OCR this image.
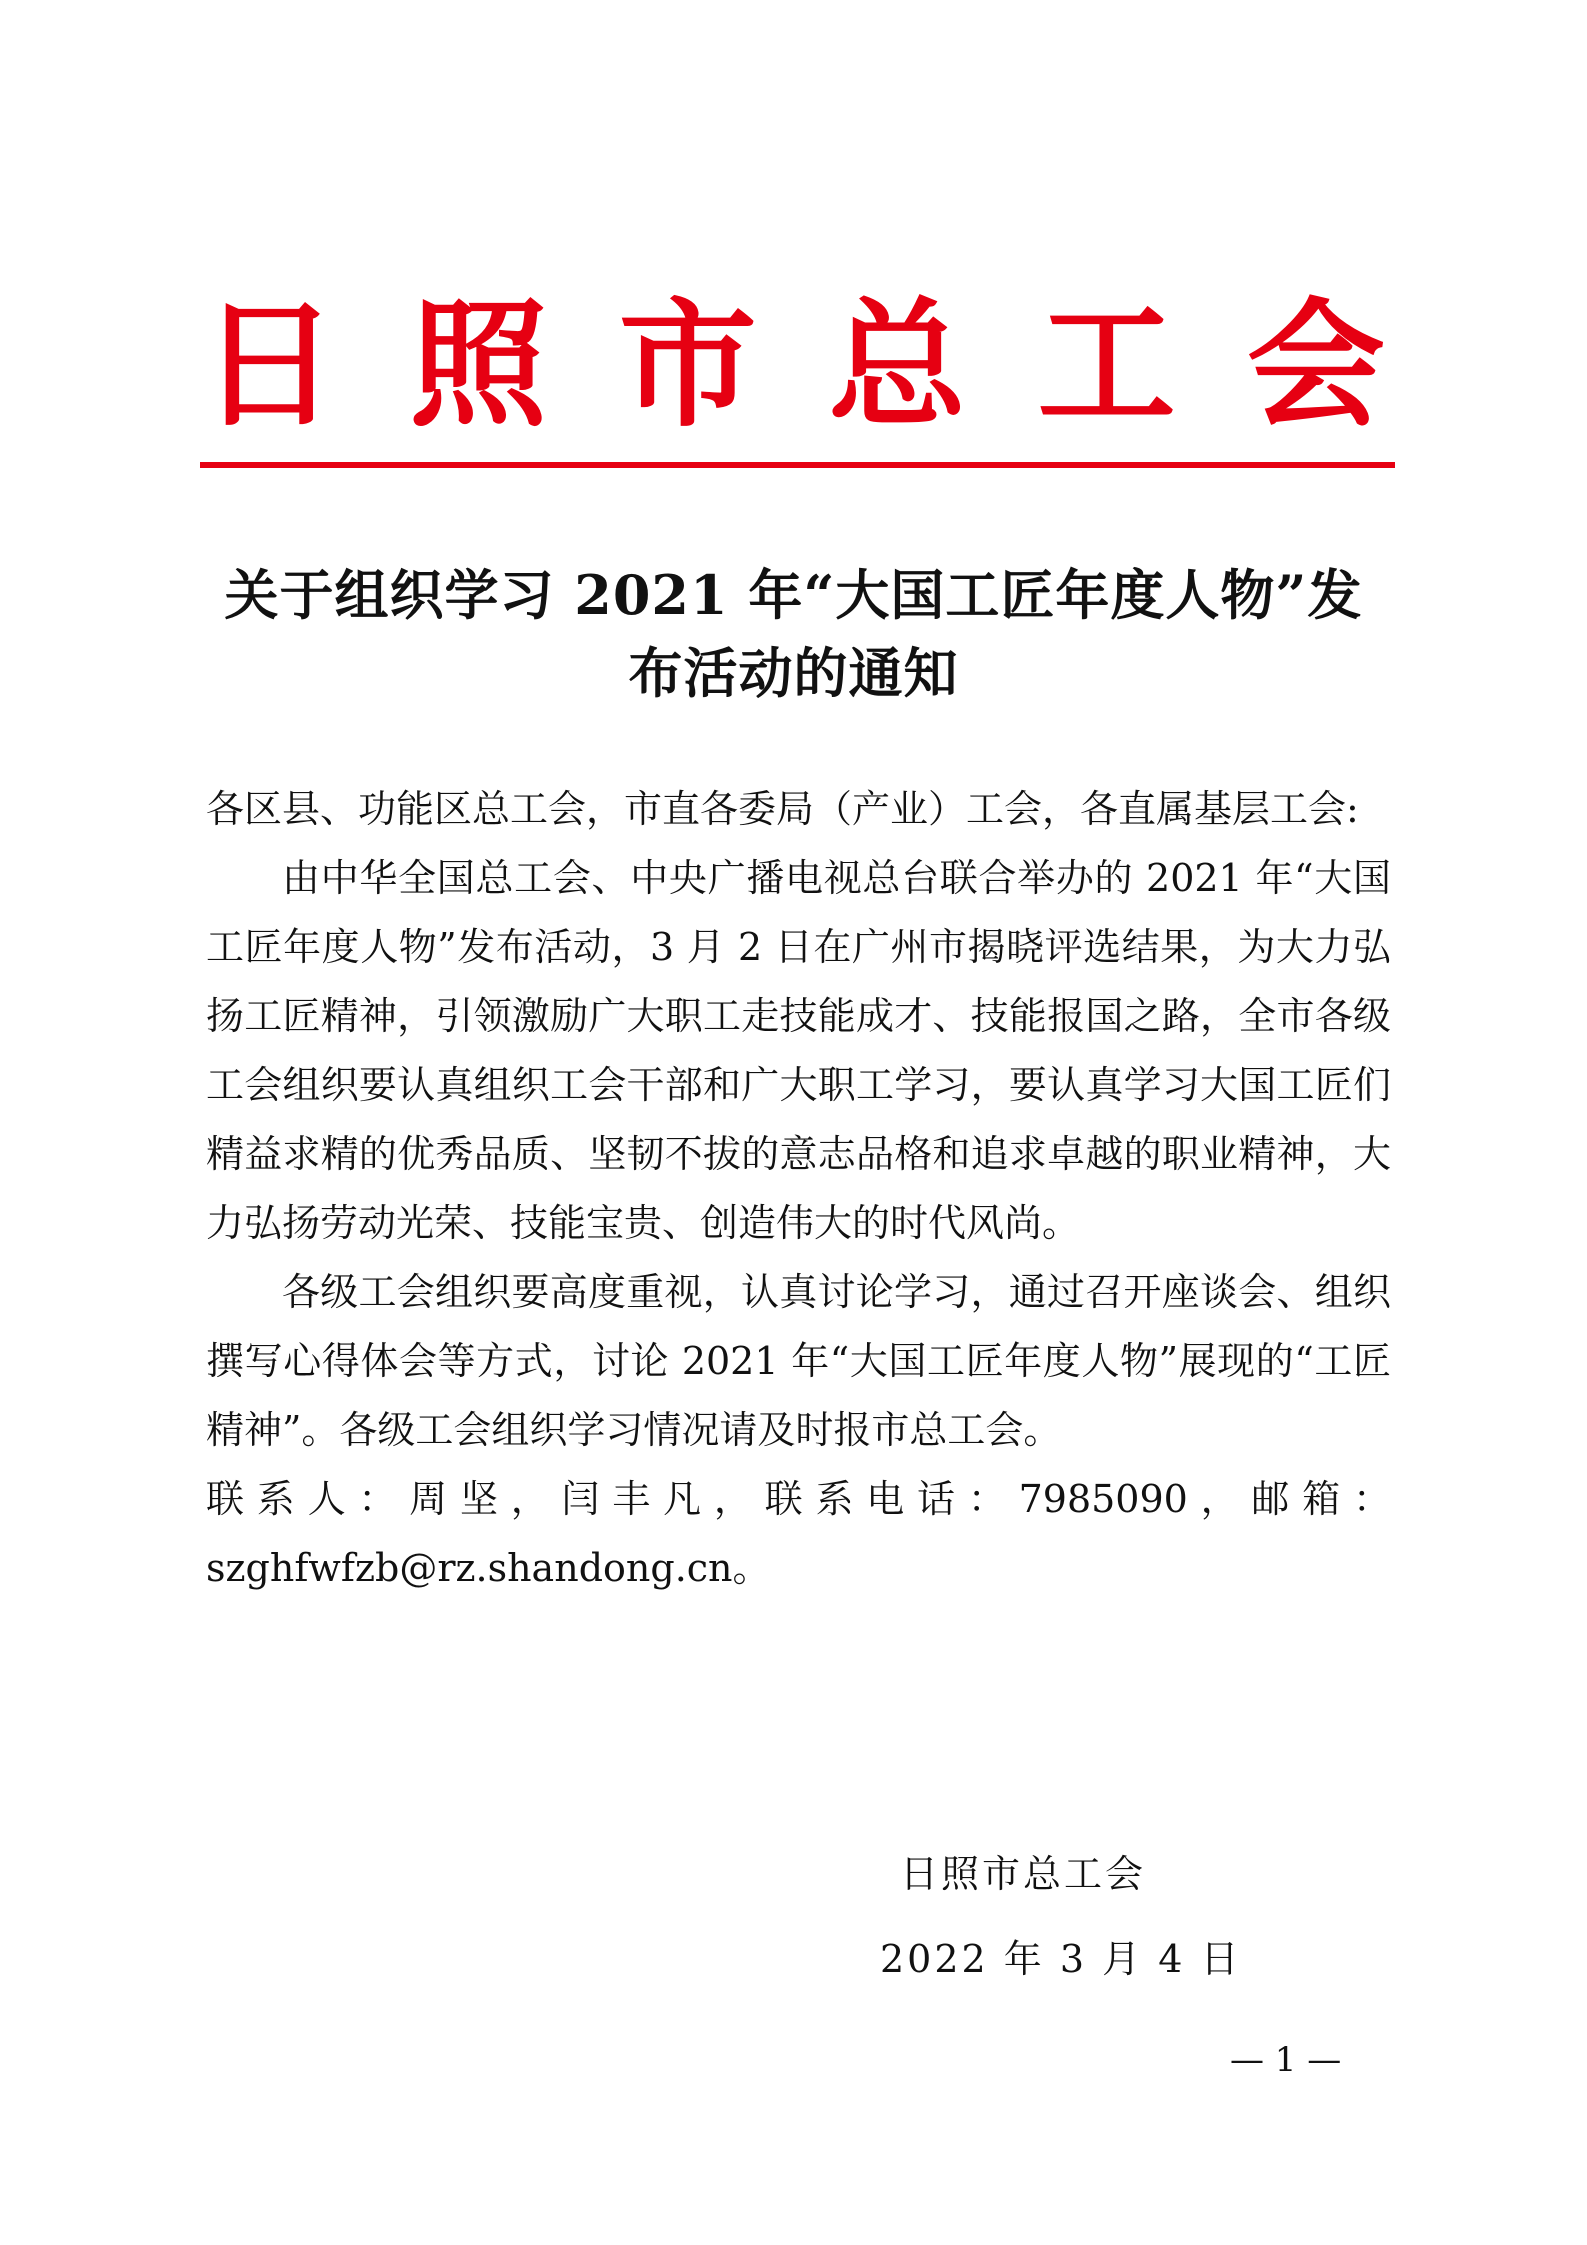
日 照 市 总 工 会
关于组织学习 2021 年“大国工匠年度人物”发
布活动的通知

各区县、功能区总工会，市直各委局（产业）工会，各直属基层工会:

由中华全国总工会、中央广播电视总台联合举办的 2021 年“大国工匠年度人物”发布活动，3 月 2 日在广州市揭晓评选结果，为大力弘扬工匠精神，引领激励广大职工走技能成才、技能报国之路，全市各级工会组织要认真组织工会干部和广大职工学习，要认真学习大国工匠们精益求精的优秀品质、坚韧不拔的意志品格和追求卓越的职业精神，大力弘扬劳动光荣、技能宝贵、创造伟大的时代风尚。

各级工会组织要高度重视，认真讨论学习，通过召开座谈会、组织撰写心得体会等方式，讨论 2021 年“大国工匠年度人物”展现的“工匠精神”。各级工会组织学习情况请及时报市总工会。

联系人：周坚，闫丰凡，联系电话：7985090，邮箱：szghfwfzb@rz.shandong.cn。

日照市总工会
2022 年 3 月 4 日
— 1 —
